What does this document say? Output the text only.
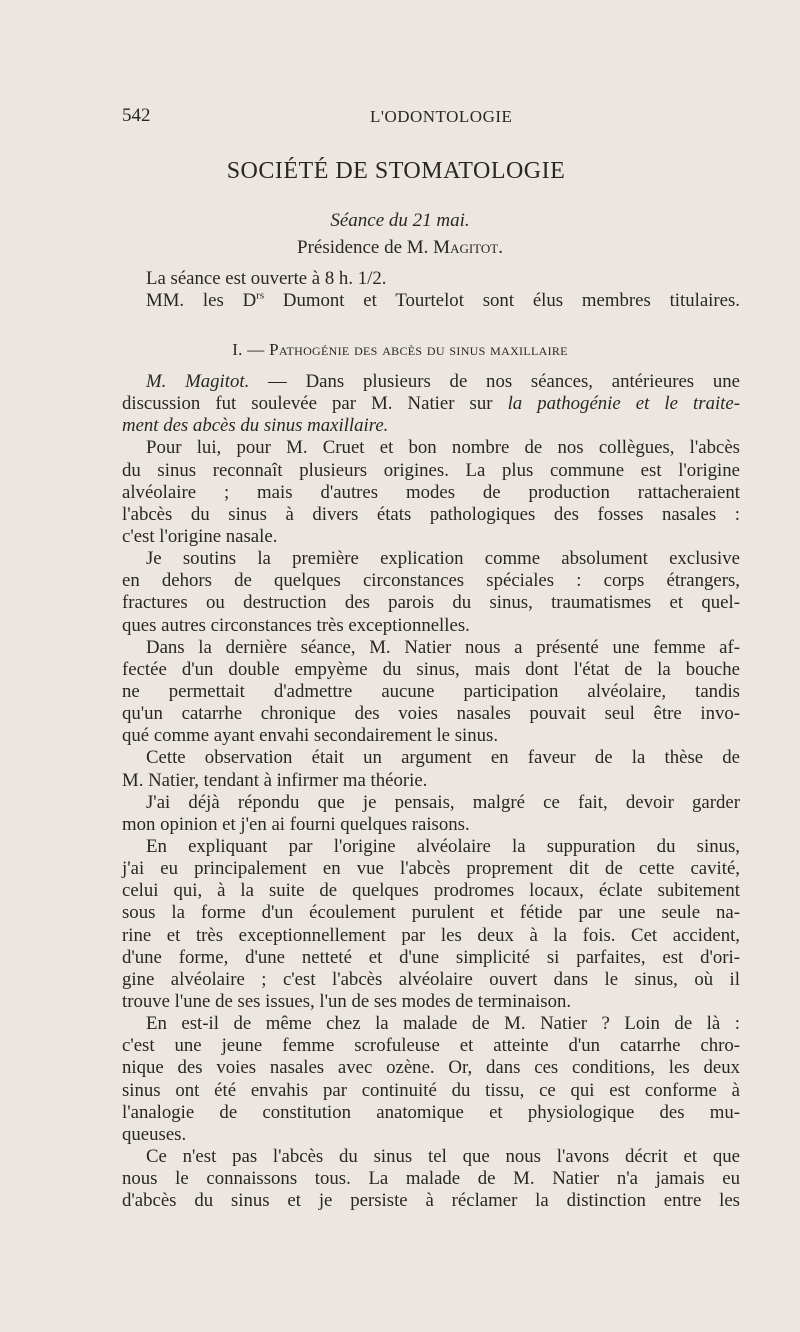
542	L'ODONTOLOGIE
SOCIÉTÉ DE STOMATOLOGIE
Séance du 21 mai.
Présidence de M. Magitot.
La séance est ouverte à 8 h. 1/2.
MM. les $D^{rs}$ Dumont et Tourtelot sont élus membres titulaires.
I. — Pathogénie des abcès du sinus maxillaire
M. Magitot. — Dans plusieurs de nos séances, antérieures une
discussion fut soulevée par M. Natier sur la pathogénie et le traite-
ment des abcès du sinus maxillaire.
Pour lui, pour M. Cruet et bon nombre de nos collègues, l'abcès
du sinus reconnaît plusieurs origines. La plus commune est l'origine
alvéolaire ; mais d'autres modes de production rattacheraient
l'abcès du sinus à divers états pathologiques des fosses nasales :
c'est l'origine nasale.
Je soutins la première explication comme absolument exclusive
en dehors de quelques circonstances spéciales : corps étrangers,
fractures ou destruction des parois du sinus, traumatismes et quel-
ques autres circonstances très exceptionnelles.
Dans la dernière séance, M. Natier nous a présenté une femme af-
fectée d'un double empyème du sinus, mais dont l'état de la bouche
ne permettait d'admettre aucune participation alvéolaire, tandis
qu'un catarrhe chronique des voies nasales pouvait seul être invo-
qué comme ayant envahi secondairement le sinus.
Cette observation était un argument en faveur de la thèse de
M. Natier, tendant à infirmer ma théorie.
J'ai déjà répondu que je pensais, malgré ce fait, devoir garder
mon opinion et j'en ai fourni quelques raisons.
En expliquant par l'origine alvéolaire la suppuration du sinus,
j'ai eu principalement en vue l'abcès proprement dit de cette cavité,
celui qui, à la suite de quelques prodromes locaux, éclate subitement
sous la forme d'un écoulement purulent et fétide par une seule na-
rine et très exceptionnellement par les deux à la fois. Cet accident,
d'une forme, d'une netteté et d'une simplicité si parfaites, est d'ori-
gine alvéolaire ; c'est l'abcès alvéolaire ouvert dans le sinus, où il
trouve l'une de ses issues, l'un de ses modes de terminaison.
En est-il de même chez la malade de M. Natier ? Loin de là :
c'est une jeune femme scrofuleuse et atteinte d'un catarrhe chro-
nique des voies nasales avec ozène. Or, dans ces conditions, les deux
sinus ont été envahis par continuité du tissu, ce qui est conforme à
l'analogie de constitution anatomique et physiologique des mu-
queuses.
Ce n'est pas l'abcès du sinus tel que nous l'avons décrit et que
nous le connaissons tous. La malade de M. Natier n'a jamais eu
d'abcès du sinus et je persiste à réclamer la distinction entre les
